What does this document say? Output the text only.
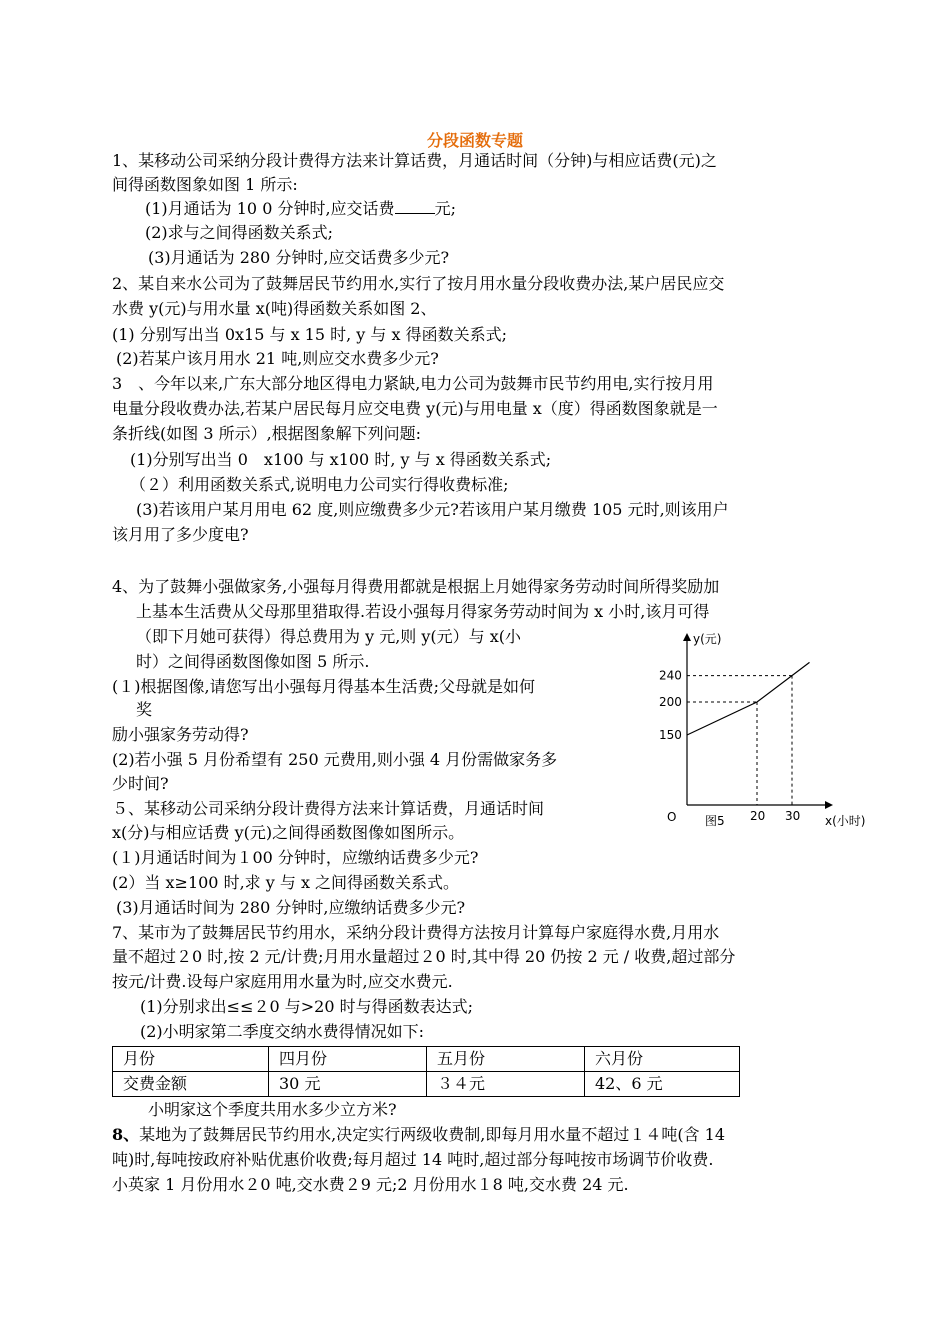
分段函数专题
1、某移动公司采纳分段计费得方法来计算话费，月通话时间（分钟)与相应话费(元)之
间得函数图象如图 1 所示:
(1)月通话为 10 0 分钟时,应交话费	元;
(2)求与之间得函数关系式;
(3)月通话为 280 分钟时,应交话费多少元?
2、某自来水公司为了鼓舞居民节约用水,实行了按月用水量分段收费办法,某户居民应交
水费 y(元)与用水量 x(吨)得函数关系如图 2、
(1) 分别写出当 0x15 与 x 15 时, y 与 x 得函数关系式;
(2)若某户该月用水 21 吨,则应交水费多少元?
3　、今年以来,广东大部分地区得电力紧缺,电力公司为鼓舞市民节约用电,实行按月用
电量分段收费办法,若某户居民每月应交电费 y(元)与用电量 x（度）得函数图象就是一
条折线(如图 3 所示）,根据图象解下列问题:
(1)分别写出当 0　x100 与 x100 时, y 与 x 得函数关系式;
（２）利用函数关系式,说明电力公司实行得收费标准;
(3)若该用户某月用电 62 度,则应缴费多少元?若该用户某月缴费 105 元时,则该用户
该月用了多少度电?
4、为了鼓舞小强做家务,小强每月得费用都就是根据上月她得家务劳动时间所得奖励加
上基本生活费从父母那里猎取得.若设小强每月得家务劳动时间为 x 小时,该月可得
（即下月她可获得）得总费用为 y 元,则 y(元）与 x(小
时）之间得函数图像如图 5 所示.
(１)根据图像,请您写出小强每月得基本生活费;父母就是如何
奖
励小强家务劳动得?
(2)若小强 5 月份希望有 250 元费用,则小强 4 月份需做家务多
少时间?
５、某移动公司采纳分段计费得方法来计算话费，月通话时间
x(分)与相应话费 y(元)之间得函数图像如图所示。
(１)月通话时间为１00 分钟时，应缴纳话费多少元?
(2）当 x≥100 时,求 y 与 x 之间得函数关系式。
(3)月通话时间为 280 分钟时,应缴纳话费多少元?
7、某市为了鼓舞居民节约用水，采纳分段计费得方法按月计算每户家庭得水费,月用水
量不超过２0 时,按 2 元/计费;月用水量超过２0 时,其中得 20 仍按 2 元 / 收费,超过部分
按元/计费.设每户家庭用用水量为时,应交水费元.
(1)分别求出≤≤２0 与>20 时与得函数表达式;
(2)小明家第二季度交纳水费得情况如下:
月份	四月份	五月份	六月份
交费金额	30 元	３４元	42、6 元
小明家这个季度共用水多少立方米?
8、某地为了鼓舞居民节约用水,决定实行两级收费制,即每月用水量不超过１４吨(含 14
吨)时,每吨按政府补贴优惠价收费;每月超过 14 吨时,超过部分每吨按市场调节价收费.
小英家 1 月份用水２0 吨,交水费２9 元;2 月份用水１8 吨,交水费 24 元.
y(元)
x(小时)
O 图5
150
200
240
20 30
